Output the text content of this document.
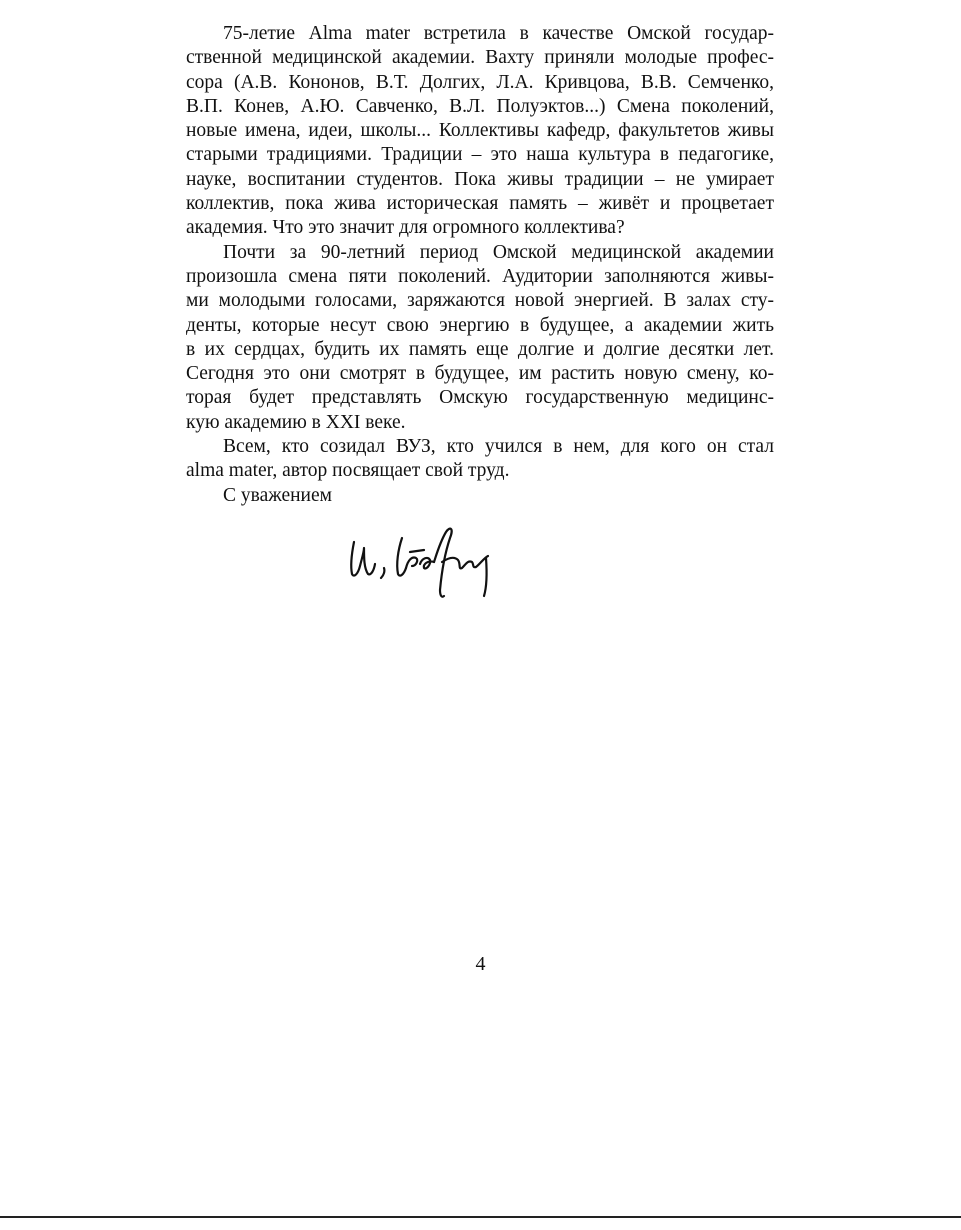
75-летие Alma mater встретила в качестве Омской государ-
ственной медицинской академии. Вахту приняли молодые профес-
сора (А.В. Кононов, В.Т. Долгих, Л.А. Кривцова, В.В. Семченко,
В.П. Конев, А.Ю. Савченко, В.Л. Полуэктов...) Смена поколений,
новые имена, идеи, школы... Коллективы кафедр, факультетов живы
старыми традициями. Традиции – это наша культура в педагогике,
науке, воспитании студентов. Пока живы традиции – не умирает
коллектив, пока жива историческая память – живёт и процветает
академия. Что это значит для огромного коллектива?
Почти за 90-летний период Омской медицинской академии
произошла смена пяти поколений. Аудитории заполняются живы-
ми молодыми голосами, заряжаются новой энергией. В залах сту-
денты, которые несут свою энергию в будущее, а академии жить
в их сердцах, будить их память еще долгие и долгие десятки лет.
Сегодня это они смотрят в будущее, им растить новую смену, ко-
торая будет представлять Омскую государственную медицинс-
кую академию в XXI веке.
Всем, кто созидал ВУЗ, кто учился в нем, для кого он стал
alma mater, автор посвящает свой труд.
С уважением
4
